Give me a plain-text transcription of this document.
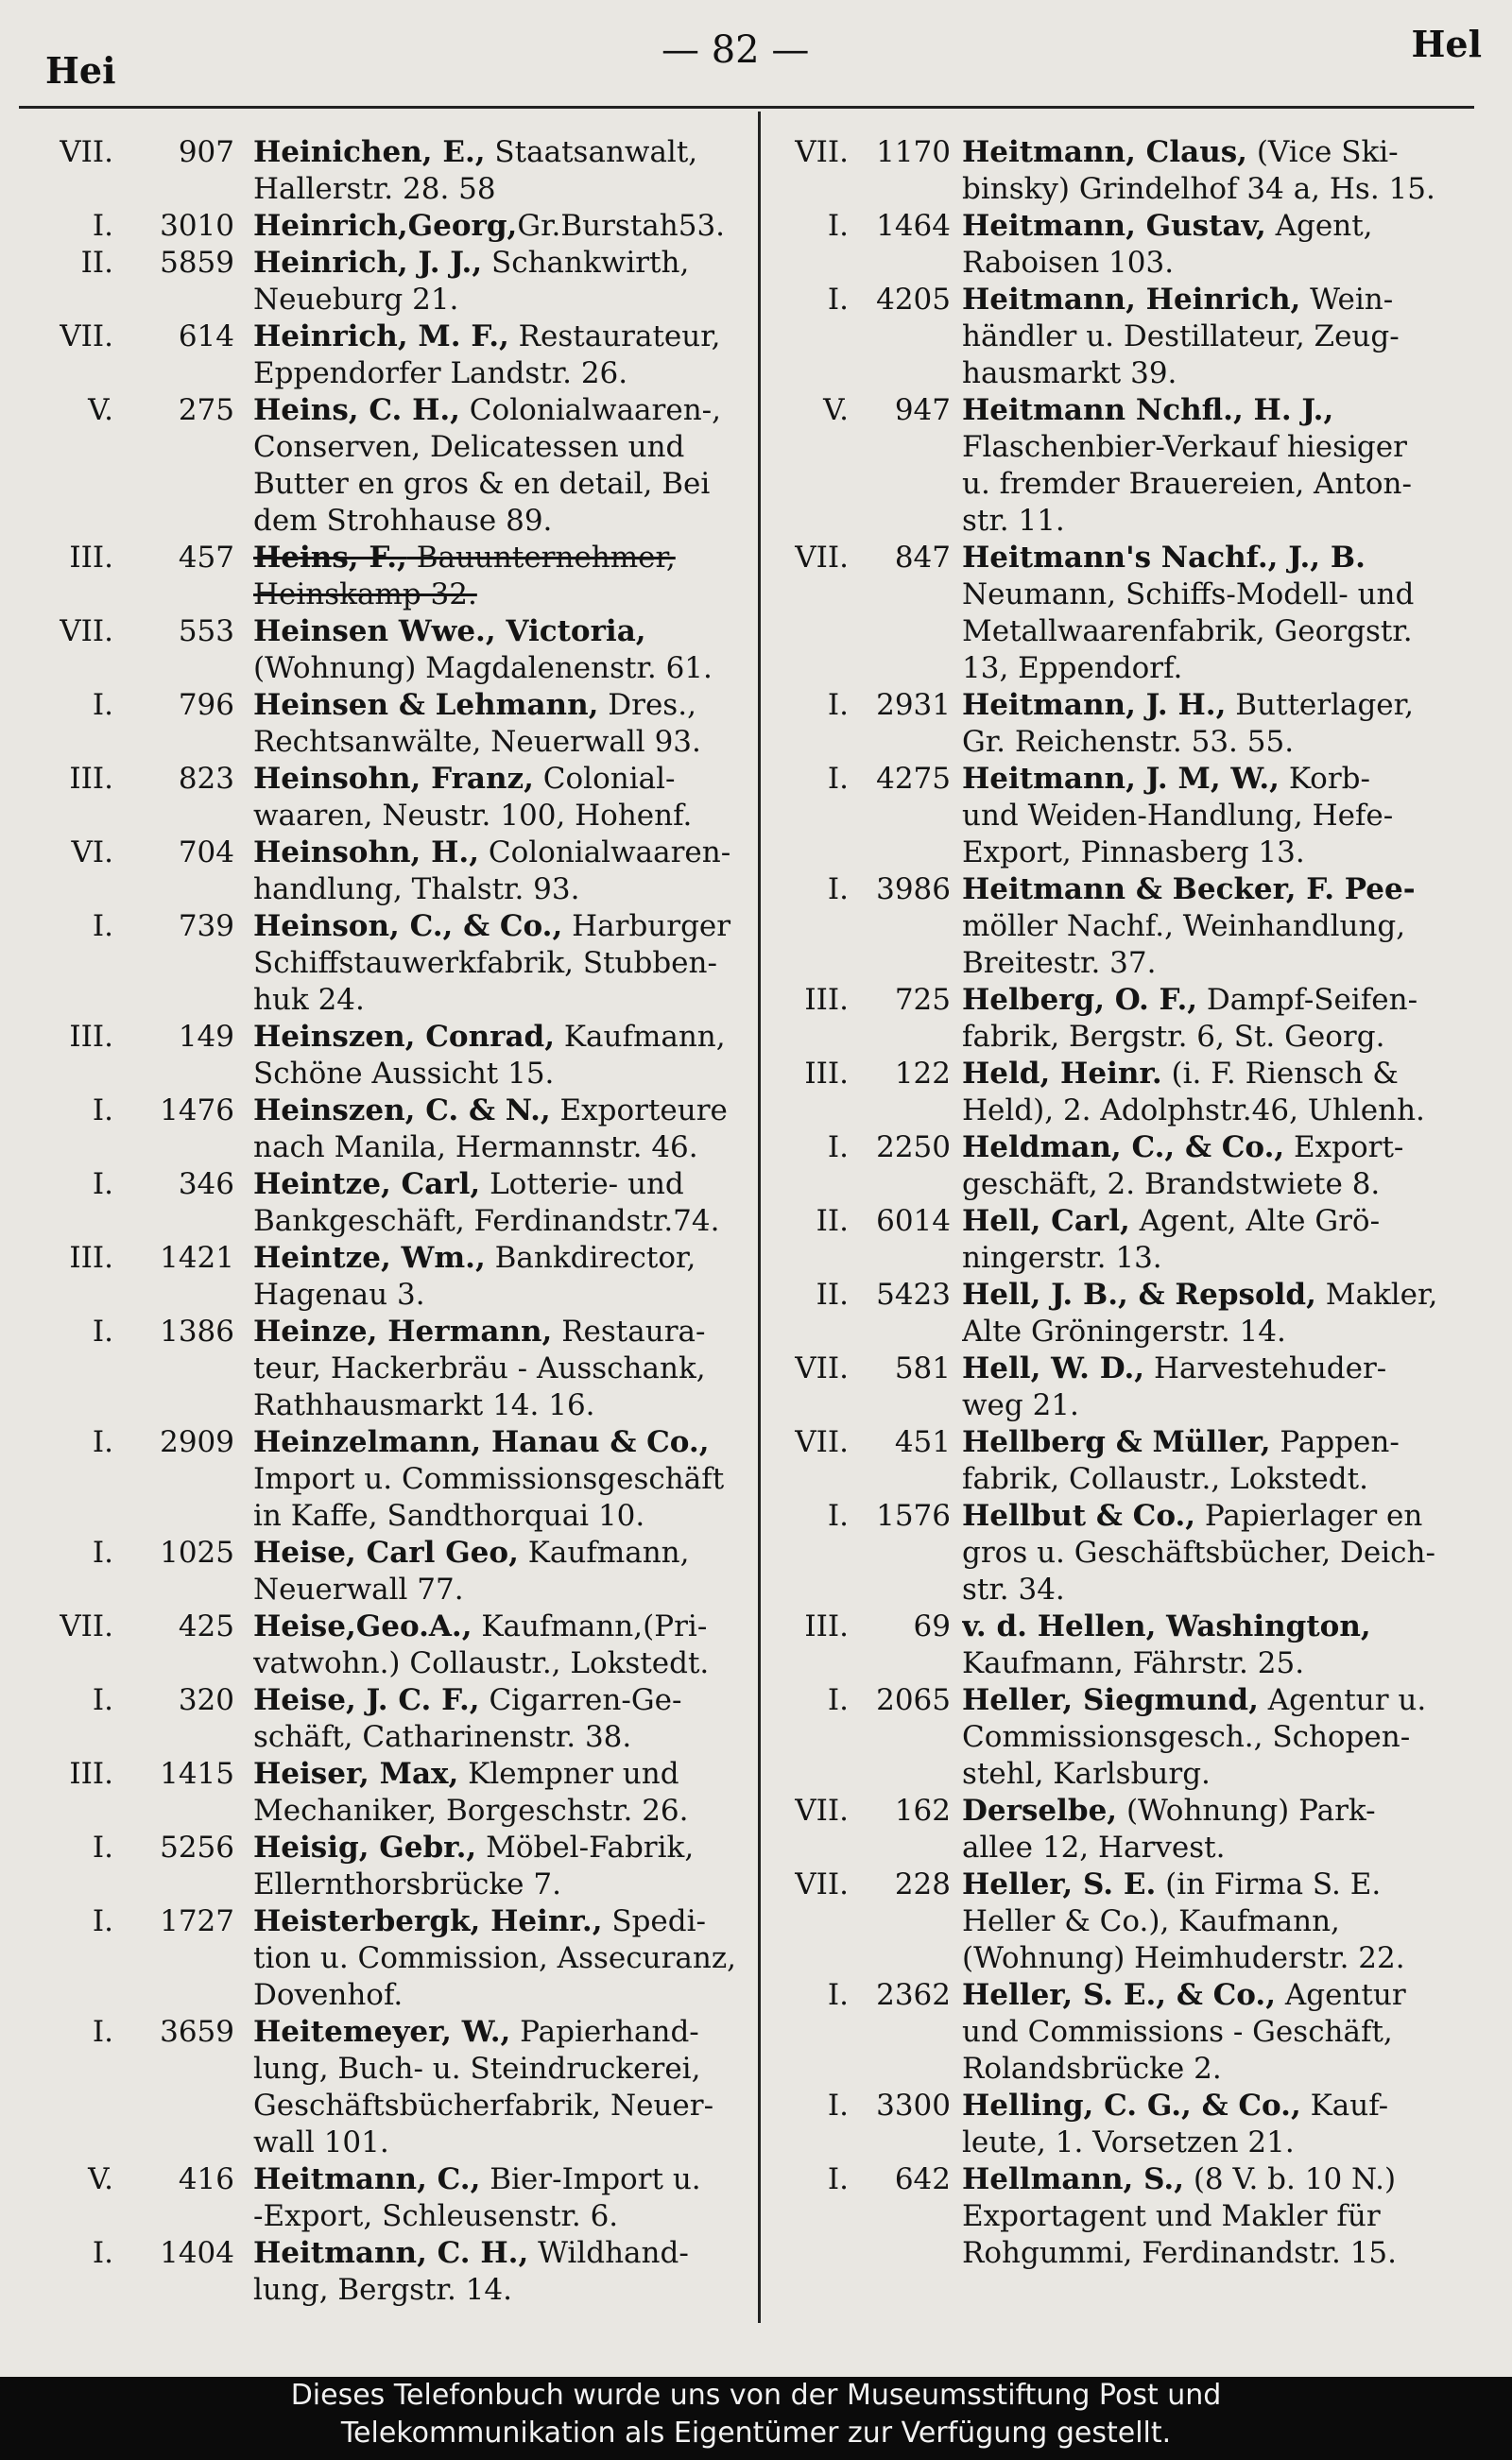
Hei	— 82 —	Hel
VII.	907 Heinichen, E., Staatsanwalt,
Hallerstr. 28. 58
I.	3010 Heinrich,Georg,Gr.Burstah53.
II.	5859 Heinrich, J. J., Schankwirth,
Neueburg 21.
VII.	614 Heinrich, M. F., Restaurateur,
Eppendorfer Landstr. 26.
V.	275 Heins, C. H., Colonialwaaren-,
Conserven, Delicatessen und
Butter en gros & en detail, Bei
dem Strohhause 89.
III.	457 Heins, F., Bauunternehmer,
Heinskamp 32.
VII.	553 Heinsen Wwe., Victoria,
(Wohnung) Magdalenenstr. 61.
I.	796 Heinsen & Lehmann, Dres.,
Rechtsanwälte, Neuerwall 93.
III.	823 Heinsohn, Franz, Colonial-
waaren, Neustr. 100, Hohenf.
VI.	704 Heinsohn, H., Colonialwaaren-
handlung, Thalstr. 93.
I.	739 Heinson, C., & Co., Harburger
Schiffstauwerkfabrik, Stubben-
huk 24.
III.	149 Heinszen, Conrad, Kaufmann,
Schöne Aussicht 15.
I.	1476 Heinszen, C. & N., Exporteure
nach Manila, Hermannstr. 46.
I.	346 Heintze, Carl, Lotterie- und
Bankgeschäft, Ferdinandstr.74.
III.	1421 Heintze, Wm., Bankdirector,
Hagenau 3.
I.	1386 Heinze, Hermann, Restaura-
teur, Hackerbräu - Ausschank,
Rathhausmarkt 14. 16.
I.	2909 Heinzelmann, Hanau & Co.,
Import u. Commissionsgeschäft
in Kaffe, Sandthorquai 10.
I.	1025 Heise, Carl Geo, Kaufmann,
Neuerwall 77.
VII.	425 Heise,Geo.A., Kaufmann,(Pri-
vatwohn.) Collaustr., Lokstedt.
I.	320 Heise, J. C. F., Cigarren-Ge-
schäft, Catharinenstr. 38.
III.	1415 Heiser, Max, Klempner und
Mechaniker, Borgeschstr. 26.
I.	5256 Heisig, Gebr., Möbel-Fabrik,
Ellernthorsbrücke 7.
I.	1727 Heisterbergk, Heinr., Spedi-
tion u. Commission, Assecuranz,
Dovenhof.
I.	3659 Heitemeyer, W., Papierhand-
lung, Buch- u. Steindruckerei,
Geschäftsbücherfabrik, Neuer-
wall 101.
V.	416 Heitmann, C., Bier-Import u.
-Export, Schleusenstr. 6.
I.	1404 Heitmann, C. H., Wildhand-
lung, Bergstr. 14.
VII. 1170 Heitmann, Claus, (Vice Ski-
binsky) Grindelhof 34 a, Hs. 15.
I. 1464 Heitmann, Gustav, Agent,
Raboisen 103.
I. 4205 Heitmann, Heinrich, Wein-
händler u. Destillateur, Zeug-
hausmarkt 39.
V.	947 Heitmann Nchfl., H. J.,
Flaschenbier-Verkauf hiesiger
u. fremder Brauereien, Anton-
str. 11.
VII.	847 Heitmann's Nachf., J., B.
Neumann, Schiffs-Modell- und
Metallwaarenfabrik, Georgstr.
13, Eppendorf.
I. 2931 Heitmann, J. H., Butterlager,
Gr. Reichenstr. 53. 55.
I. 4275 Heitmann, J. M, W., Korb-
und Weiden-Handlung, Hefe-
Export, Pinnasberg 13.
I. 3986 Heitmann & Becker, F. Pee-
möller Nachf., Weinhandlung,
Breitestr. 37.
III.	725 Helberg, O. F., Dampf-Seifen-
fabrik, Bergstr. 6, St. Georg.
III.	122 Held, Heinr. (i. F. Riensch &
Held), 2. Adolphstr.46, Uhlenh.
I. 2250 Heldman, C., & Co., Export-
geschäft, 2. Brandstwiete 8.
II. 6014 Hell, Carl, Agent, Alte Grö-
ningerstr. 13.
II. 5423 Hell, J. B., & Repsold, Makler,
Alte Gröningerstr. 14.
VII.	581 Hell, W. D., Harvestehuder-
weg 21.
VII.	451 Hellberg & Müller, Pappen-
fabrik, Collaustr., Lokstedt.
I. 1576 Hellbut & Co., Papierlager en
gros u. Geschäftsbücher, Deich-
str. 34.
III.	69 v. d. Hellen, Washington,
Kaufmann, Fährstr. 25.
I. 2065 Heller, Siegmund, Agentur u.
Commissionsgesch., Schopen-
stehl, Karlsburg.
VII.	162 Derselbe, (Wohnung) Park-
allee 12, Harvest.
VII.	228 Heller, S. E. (in Firma S. E.
Heller & Co.), Kaufmann,
(Wohnung) Heimhuderstr. 22.
I. 2362 Heller, S. E., & Co., Agentur
und Commissions - Geschäft,
Rolandsbrücke 2.
I. 3300 Helling, C. G., & Co., Kauf-
leute, 1. Vorsetzen 21.
I.	642 Hellmann, S., (8 V. b. 10 N.)
Exportagent und Makler für
Rohgummi, Ferdinandstr. 15.
Dieses Telefonbuch wurde uns von der Museumsstiftung Post und
Telekommunikation als Eigentümer zur Verfügung gestellt.
